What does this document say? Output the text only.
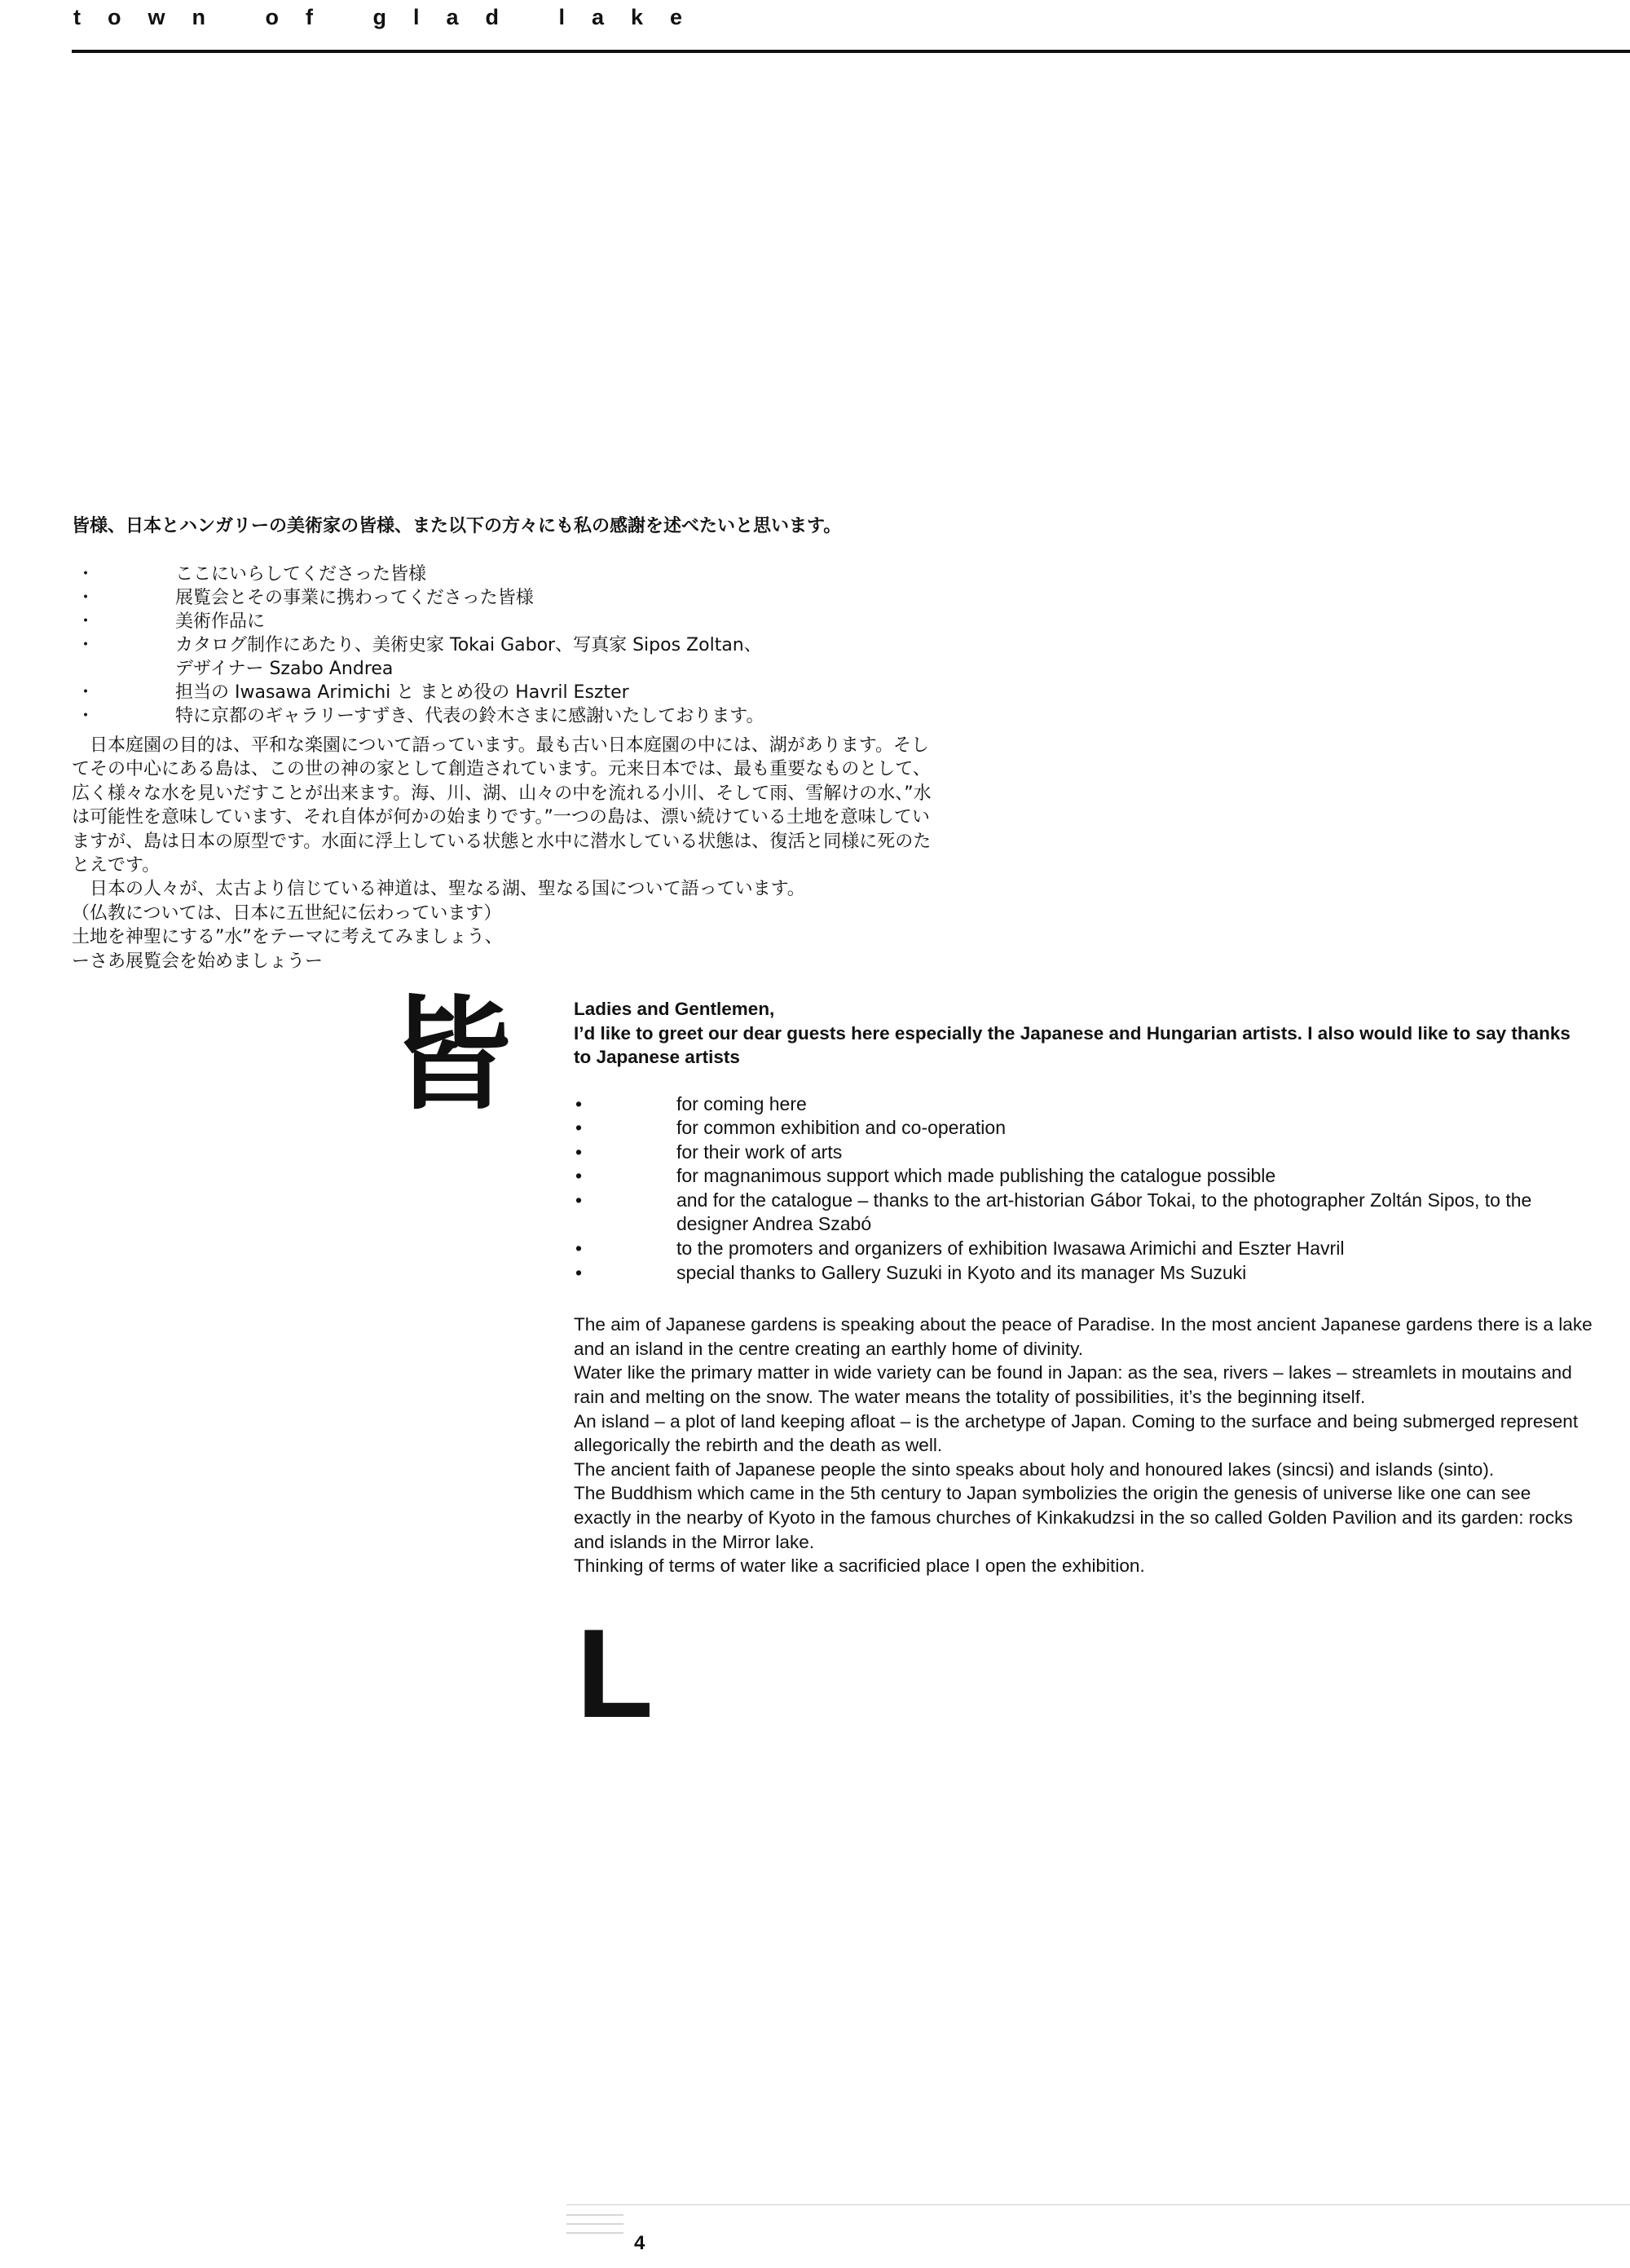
town of glad lake
皆様、日本とハンガリーの美術家の皆様、また以下の方々にも私の感謝を述べたいと思います。
・	ここにいらしてくださった皆様
・	展覧会とその事業に携わってくださった皆様
・	美術作品に
・	カタログ制作にあたり、美術史家 Tokai Gabor、写真家 Sipos Zoltan、
デザイナー Szabo Andrea
・	担当の Iwasawa Arimichi と まとめ役の Havril Eszter
・	特に京都のギャラリーすずき、代表の鈴木さまに感謝いたしております。

　日本庭園の目的は、平和な楽園について語っています。最も古い日本庭園の中には、湖があります。そしてその中心にある島は、この世の神の家として創造されています。元来日本では、最も重要なものとして、広く様々な水を見いだすことが出来ます。海、川、湖、山々の中を流れる小川、そして雨、雪解けの水、”水は可能性を意味しています、それ自体が何かの始まりです。”一つの島は、漂い続けている土地を意味していますが、島は日本の原型です。水面に浮上している状態と水中に潜水している状態は、復活と同様に死のたとえです。

　日本の人々が、太古より信じている神道は、聖なる湖、聖なる国について語っています。

（仏教については、日本に五世紀に伝わっています）

土地を神聖にする”水”をテーマに考えてみましょう、

ーさあ展覧会を始めましょうー

皆	Ladies and Gentlemen,
I’d like to greet our dear guests here especially the Japanese and Hungarian artists. I also would like to say thanks to Japanese artists

•	for coming here
•	for common exhibition and co-operation
•	for their work of arts
•	for magnanimous support which made publishing the catalogue possible
•	and for the catalogue – thanks to the art-historian Gábor Tokai, to the photographer Zoltán Sipos, to the designer Andrea Szabó
•	to the promoters and organizers of exhibition Iwasawa Arimichi and Eszter Havril
•	special thanks to Gallery Suzuki in Kyoto and its manager Ms Suzuki

The aim of Japanese gardens is speaking about the peace of Paradise. In the most ancient Japanese gardens there is a lake and an island in the centre creating an earthly home of divinity.

Water like the primary matter in wide variety can be found in Japan: as the sea, rivers – lakes – streamlets in moutains and rain and melting on the snow. The water means the totality of possibilities, it’s the beginning itself.

An island – a plot of land keeping afloat – is the archetype of Japan. Coming to the surface and being submerged represent allegorically the rebirth and the death as well.

The ancient faith of Japanese people the sinto speaks about holy and honoured lakes (sincsi) and islands (sinto).

The Buddhism which came in the 5th century to Japan symbolizies the origin the genesis of universe like one can see exactly in the nearby of Kyoto in the famous churches of Kinkakudzsi in the so called Golden Pavilion and its garden: rocks and islands in the Mirror lake.

Thinking of terms of water like a sacrificied place I open the exhibition.

L
4
